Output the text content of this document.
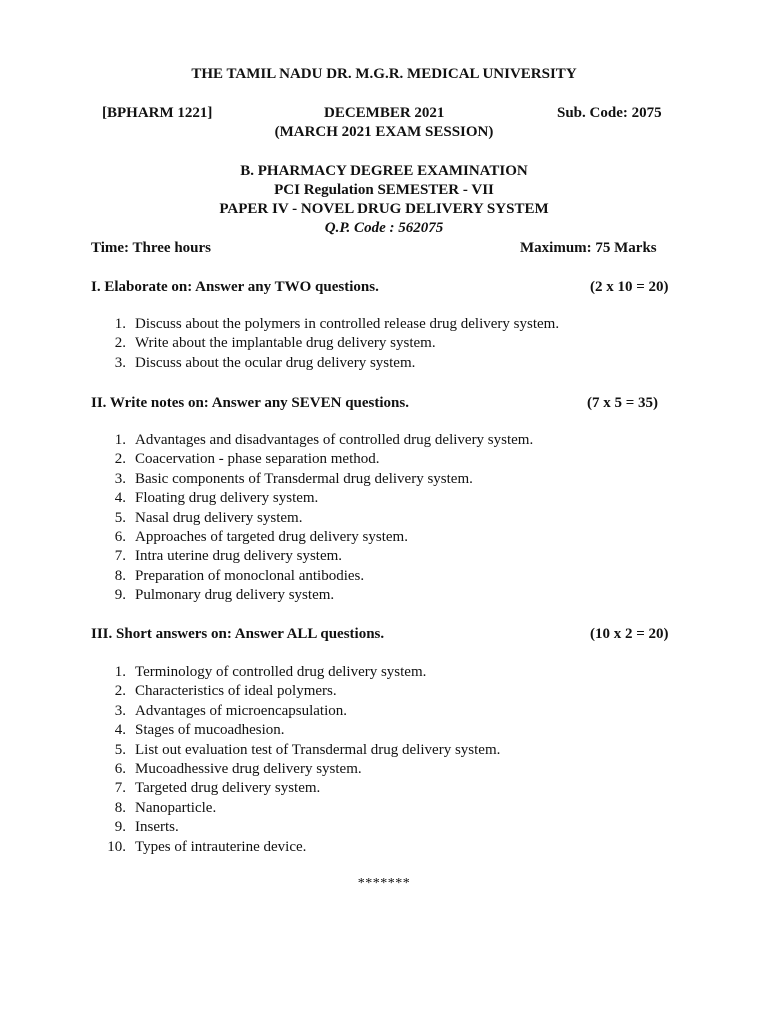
THE TAMIL NADU DR. M.G.R. MEDICAL UNIVERSITY
[BPHARM 1221]	DECEMBER 2021	Sub. Code: 2075
(MARCH 2021 EXAM SESSION)
B. PHARMACY DEGREE EXAMINATION
PCI Regulation SEMESTER - VII
PAPER IV - NOVEL DRUG DELIVERY SYSTEM
Q.P. Code : 562075
Time: Three hours	Maximum: 75 Marks
I. Elaborate on: Answer any TWO questions.	(2 x 10 = 20)
1. Discuss about the polymers in controlled release drug delivery system.
2. Write about the implantable drug delivery system.
3. Discuss about the ocular drug delivery system.
II. Write notes on: Answer any SEVEN questions.	(7 x 5 = 35)
1. Advantages and disadvantages of controlled drug delivery system.
2. Coacervation - phase separation method.
3. Basic components of Transdermal drug delivery system.
4. Floating drug delivery system.
5. Nasal drug delivery system.
6. Approaches of targeted drug delivery system.
7. Intra uterine drug delivery system.
8. Preparation of monoclonal antibodies.
9. Pulmonary drug delivery system.
III. Short answers on: Answer ALL questions.	(10 x 2 = 20)
1. Terminology of controlled drug delivery system.
2. Characteristics of ideal polymers.
3. Advantages of microencapsulation.
4. Stages of mucoadhesion.
5. List out evaluation test of Transdermal drug delivery system.
6. Mucoadhessive drug delivery system.
7. Targeted drug delivery system.
8. Nanoparticle.
9. Inserts.
10. Types of intrauterine device.
*******
